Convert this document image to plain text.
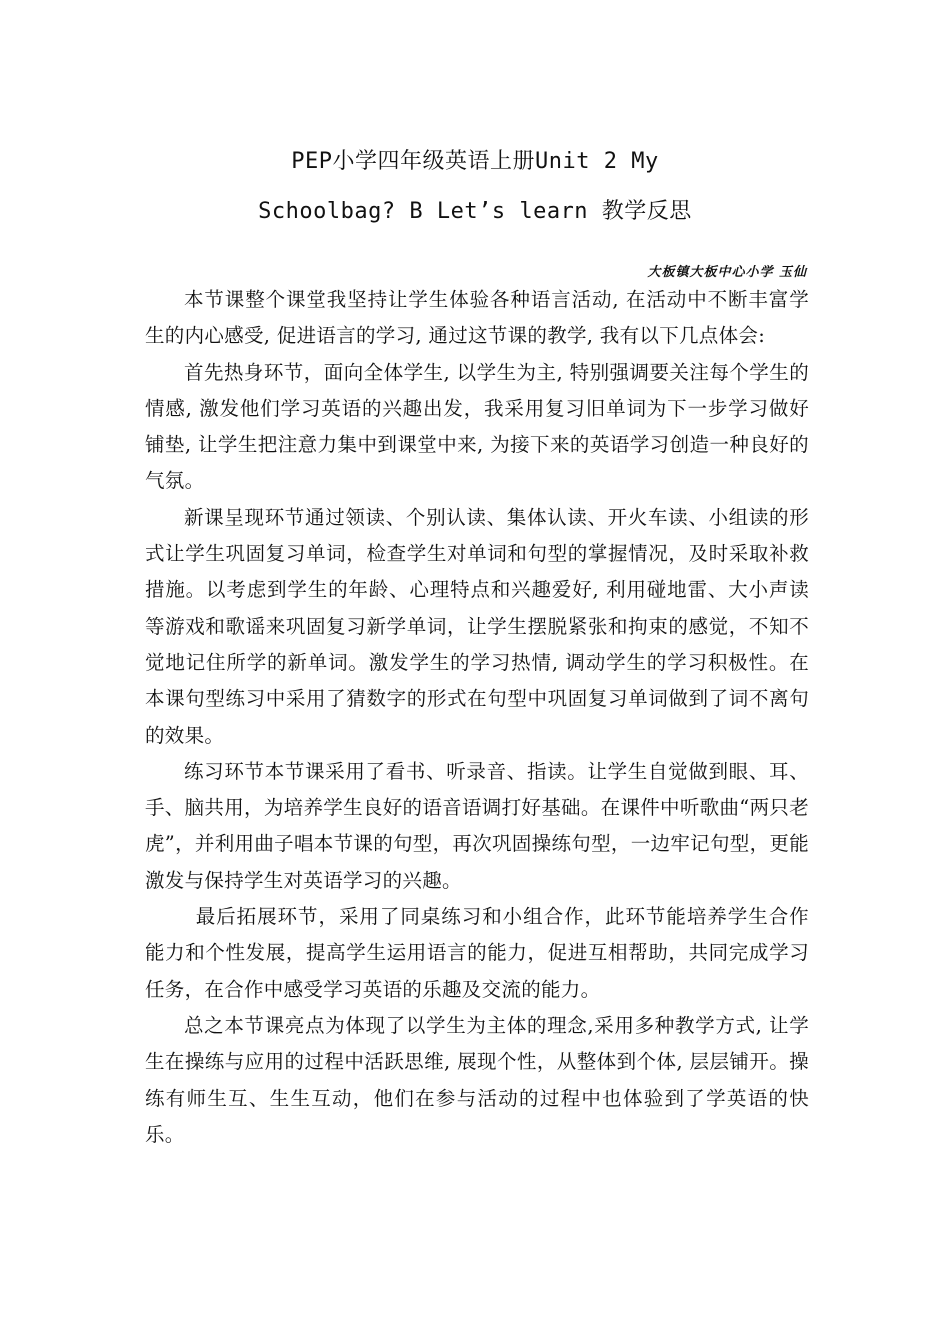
PEP小学四年级英语上册Unit 2 My
Schoolbag? B Let’s learn 教学反思
大板镇大板中心小学 玉仙

本节课整个课堂我坚持让学生体验各种语言活动, 在活动中不断丰富学生的内心感受, 促进语言的学习, 通过这节课的教学, 我有以下几点体会:

首先热身环节，面向全体学生, 以学生为主, 特别强调要关注每个学生的情感, 激发他们学习英语的兴趣出发，我采用复习旧单词为下一步学习做好铺垫, 让学生把注意力集中到课堂中来, 为接下来的英语学习创造一种良好的气氛。

新课呈现环节通过领读、个别认读、集体认读、开火车读、小组读的形式让学生巩固复习单词，检查学生对单词和句型的掌握情况，及时采取补救措施。以考虑到学生的年龄、心理特点和兴趣爱好, 利用碰地雷、大小声读等游戏和歌谣来巩固复习新学单词，让学生摆脱紧张和拘束的感觉，不知不觉地记住所学的新单词。激发学生的学习热情, 调动学生的学习积极性。在本课句型练习中采用了猜数字的形式在句型中巩固复习单词做到了词不离句的效果。

练习环节本节课采用了看书、听录音、指读。让学生自觉做到眼、耳、手、脑共用，为培养学生良好的语音语调打好基础。在课件中听歌曲“两只老虎”，并利用曲子唱本节课的句型，再次巩固操练句型，一边牢记句型，更能激发与保持学生对英语学习的兴趣。

最后拓展环节，采用了同桌练习和小组合作，此环节能培养学生合作能力和个性发展，提高学生运用语言的能力，促进互相帮助，共同完成学习任务，在合作中感受学习英语的乐趣及交流的能力。

总之本节课亮点为体现了以学生为主体的理念,采用多种教学方式, 让学生在操练与应用的过程中活跃思维, 展现个性，从整体到个体, 层层铺开。操练有师生互、生生互动，他们在参与活动的过程中也体验到了学英语的快乐。
